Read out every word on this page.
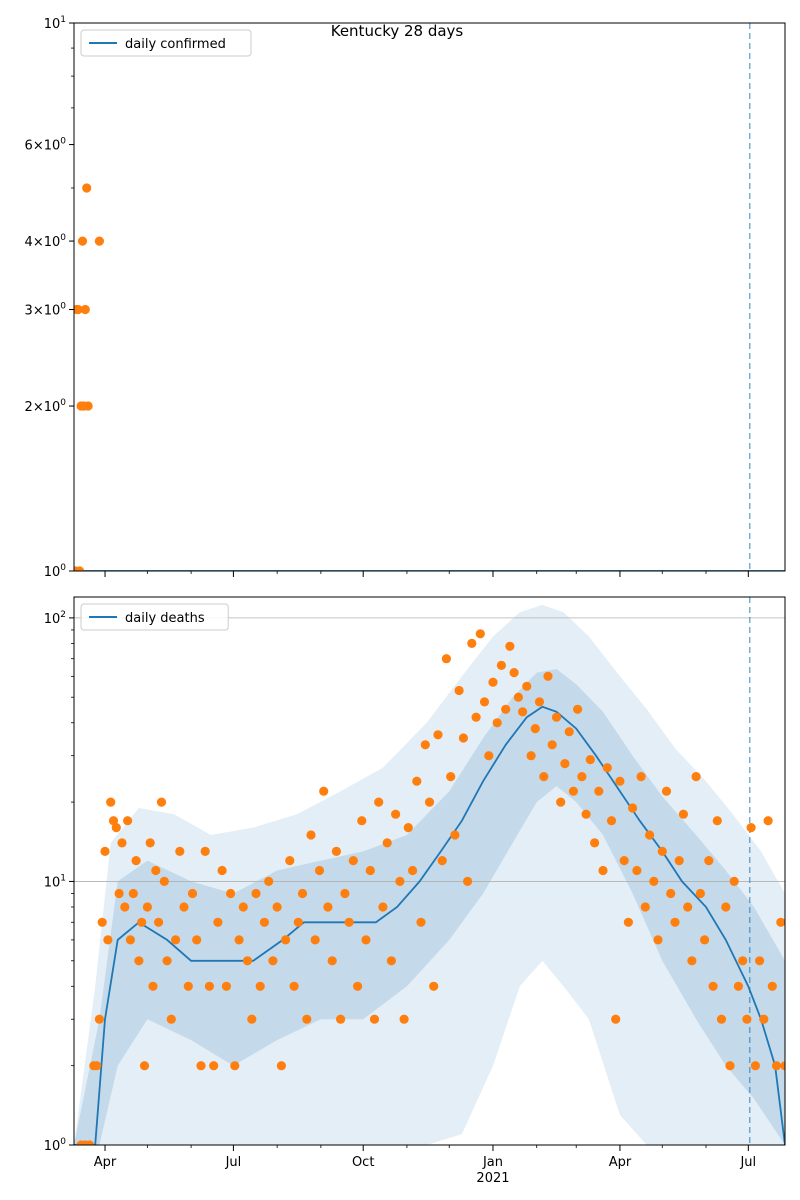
Kentucky 28 days
$10^0$
$2\times 10^0$
$3\times 10^0$
$4\times 10^0$
$6\times 10^0$
$10^1$
daily confirmed
$10^0$
$10^1$
$10^2$
Apr	Jul	Oct	Jan	Apr	Jul
2021
daily deaths
